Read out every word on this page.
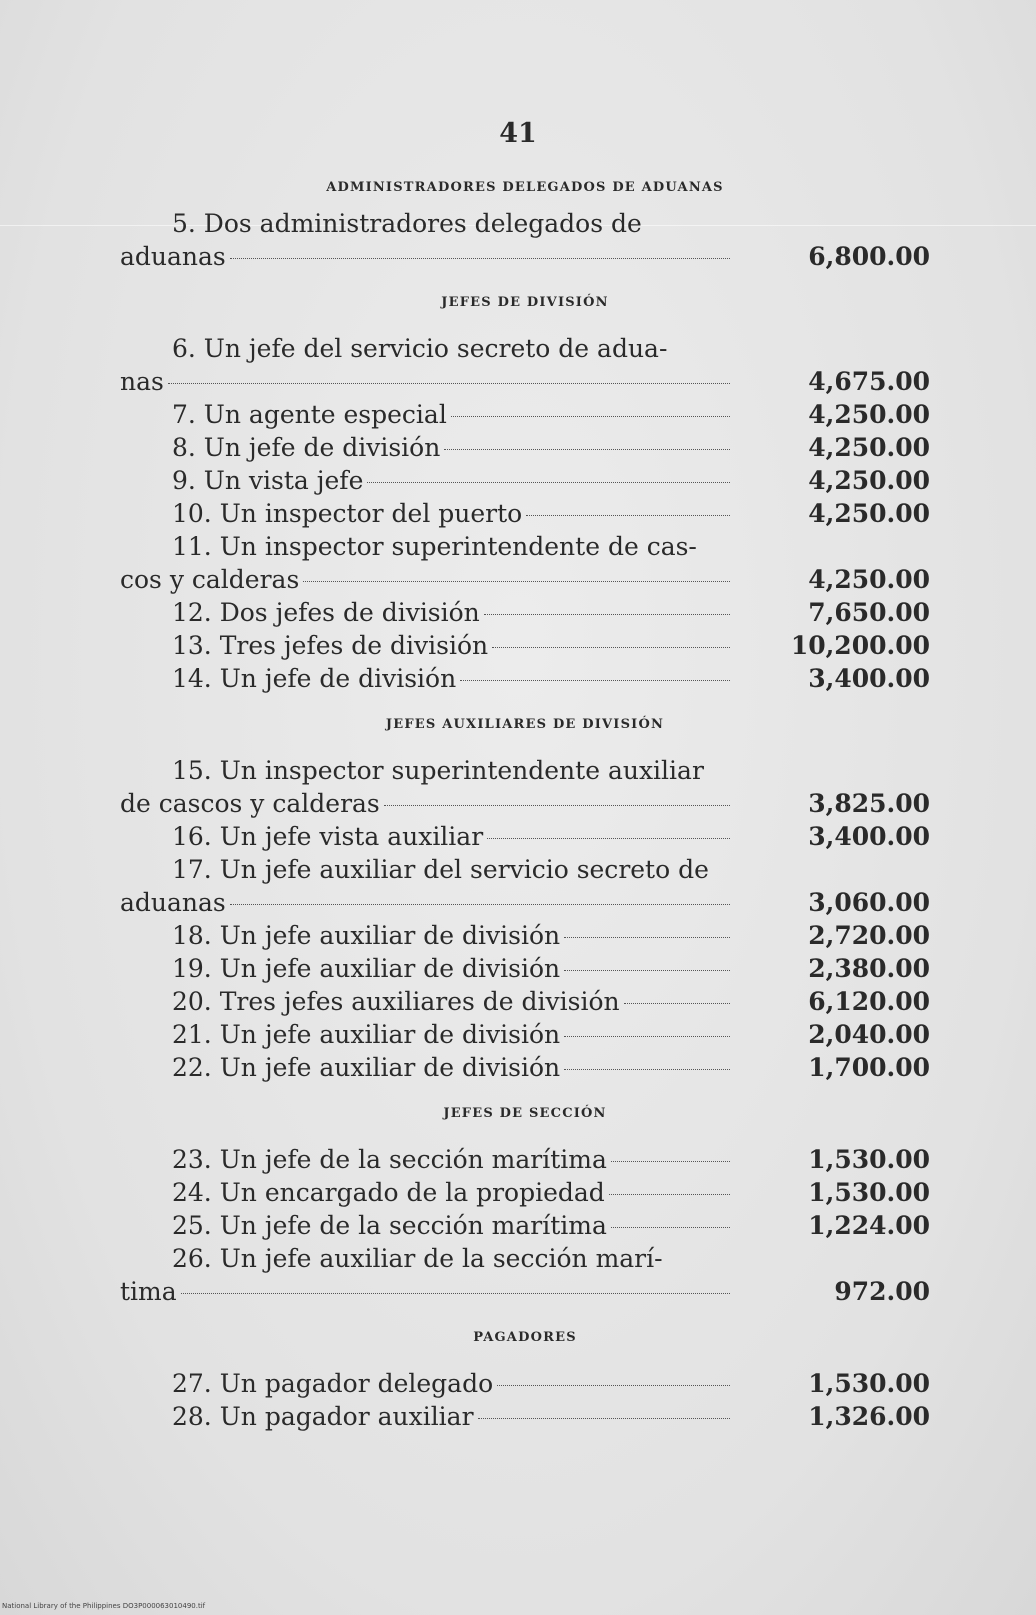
41
ADMINISTRADORES DELEGADOS DE ADUANAS
5. Dos administradores delegados de
aduanas	6,800.00
JEFES DE DIVISIÓN
6. Un jefe del servicio secreto de adua-
nas	4,675.00
7. Un agente especial	4,250.00
8. Un jefe de división	4,250.00
9. Un vista jefe	4,250.00
10. Un inspector del puerto	4,250.00
11. Un inspector superintendente de cas-
cos y calderas	4,250.00
12. Dos jefes de división	7,650.00
13. Tres jefes de división	10,200.00
14. Un jefe de división	3,400.00
JEFES AUXILIARES DE DIVISIÓN
15. Un inspector superintendente auxiliar
de cascos y calderas	3,825.00
16. Un jefe vista auxiliar	3,400.00
17. Un jefe auxiliar del servicio secreto de
aduanas	3,060.00
18. Un jefe auxiliar de división	2,720.00
19. Un jefe auxiliar de división	2,380.00
20. Tres jefes auxiliares de división	6,120.00
21. Un jefe auxiliar de división	2,040.00
22. Un jefe auxiliar de división	1,700.00
JEFES DE SECCIÓN
23. Un jefe de la sección marítima	1,530.00
24. Un encargado de la propiedad	1,530.00
25. Un jefe de la sección marítima	1,224.00
26. Un jefe auxiliar de la sección marí-
tima	972.00
PAGADORES
27. Un pagador delegado	1,530.00
28. Un pagador auxiliar	1,326.00
National Library of the Philippines DO3P000063010490.tif
